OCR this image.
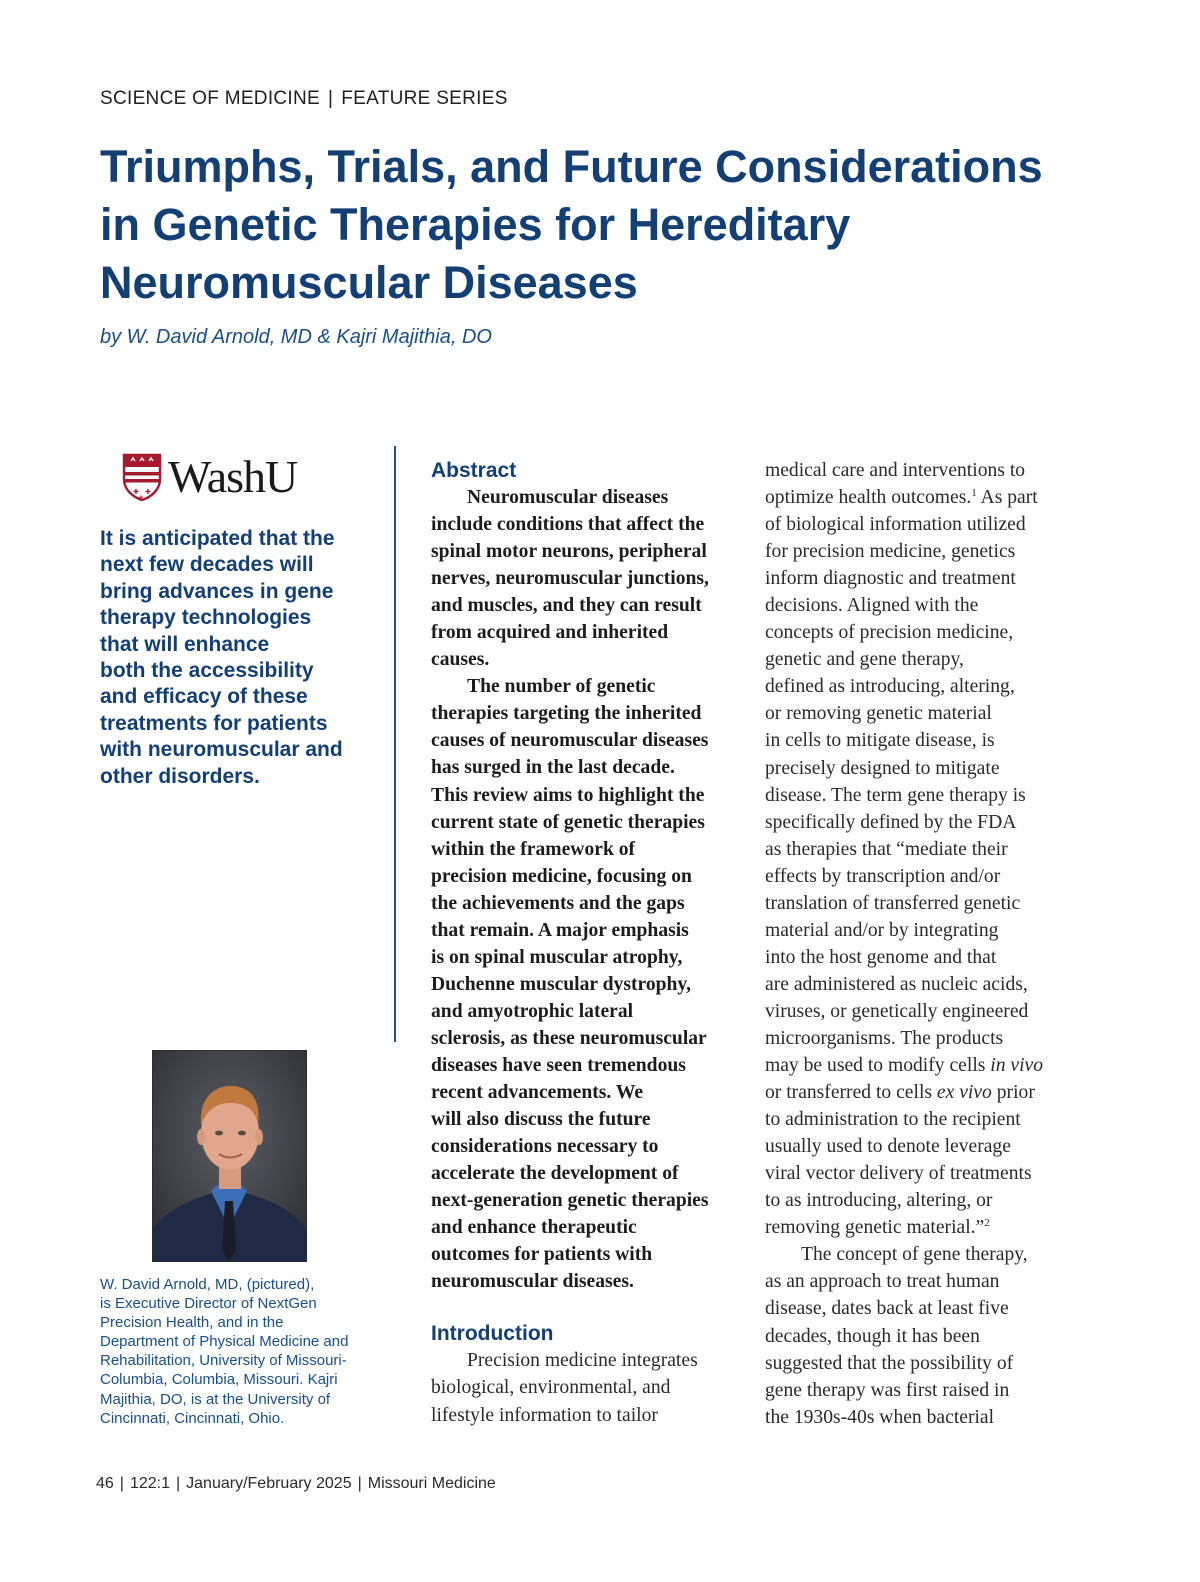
SCIENCE OF MEDICINE | FEATURE SERIES
Triumphs, Trials, and Future Considerations
in Genetic Therapies for Hereditary
Neuromuscular Diseases
by W. David Arnold, MD & Kajri Majithia, DO
✚ ✚
✚ WashU

It is anticipated that the
next few decades will
bring advances in gene
therapy technologies
that will enhance
both the accessibility
and efficacy of these
treatments for patients
with neuromuscular and
other disorders.

W. David Arnold, MD, (pictured),
is Executive Director of NextGen
Precision Health, and in the
Department of Physical Medicine and
Rehabilitation, University of Missouri-
Columbia, Columbia, Missouri. Kajri
Majithia, DO, is at the University of
Cincinnati, Cincinnati, Ohio.

Abstract

Neuromuscular diseases
include conditions that affect the
spinal motor neurons, peripheral
nerves, neuromuscular junctions,
and muscles, and they can result
from acquired and inherited
causes.

The number of genetic
therapies targeting the inherited
causes of neuromuscular diseases
has surged in the last decade.
This review aims to highlight the
current state of genetic therapies
within the framework of
precision medicine, focusing on
the achievements and the gaps
that remain. A major emphasis
is on spinal muscular atrophy,
Duchenne muscular dystrophy,
and amyotrophic lateral
sclerosis, as these neuromuscular
diseases have seen tremendous
recent advancements. We
will also discuss the future
considerations necessary to
accelerate the development of
next-generation genetic therapies
and enhance therapeutic
outcomes for patients with
neuromuscular diseases.

Introduction

Precision medicine integrates
biological, environmental, and
lifestyle information to tailor

medical care and interventions to
optimize health outcomes.$^1$ As part
of biological information utilized
for precision medicine, genetics
inform diagnostic and treatment
decisions. Aligned with the
concepts of precision medicine,
genetic and gene therapy,
defined as introducing, altering,
or removing genetic material
in cells to mitigate disease, is
precisely designed to mitigate
disease. The term gene therapy is
specifically defined by the FDA
as therapies that “mediate their
effects by transcription and/or
translation of transferred genetic
material and/or by integrating
into the host genome and that
are administered as nucleic acids,
viruses, or genetically engineered
microorganisms. The products
may be used to modify cells in vivo
or transferred to cells ex vivo prior
to administration to the recipient
usually used to denote leverage
viral vector delivery of treatments
to as introducing, altering, or
removing genetic material.”$^2$

The concept of gene therapy,
as an approach to treat human
disease, dates back at least five
decades, though it has been
suggested that the possibility of
gene therapy was first raised in
the 1930s-40s when bacterial

46 | 122:1 | January/February 2025 | Missouri Medicine
